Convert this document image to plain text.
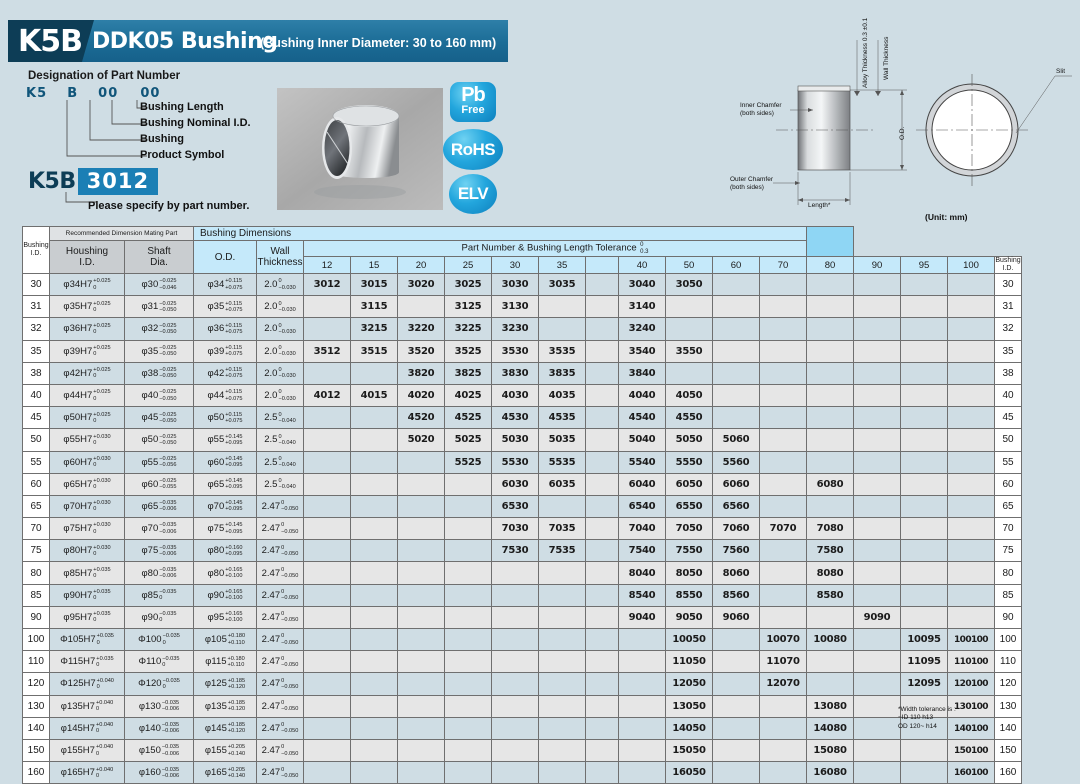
K5B DDK05 Bushing
(Bushing Inner Diameter: 30 to 160 mm)
Designation of Part Number
K5 B 00 00
Bushing Length
Bushing Nominal I.D.
Bushing
Product Symbol
K5B 3012
Please specify by part number.
Pb
Free
RoHS
ELV
Alloy Thickness 0.3 ±0.1 Wall Thickness
O.D.
Inner Chamfer
(both sides)
Outer Chamfer
(both sides)
Length*
Slit
(Unit: mm)
Bushing
I.D.	Recommended Dimension Mating Part		Bushing Dimensions																	

Houshing
I.D.

Shaft
Dia.	O.D.	Wall
Thickness
	Part Number & Bushing Length Tolerance 0
0.3

					12	15	20	25	30	35		40	50	60	70	80	90	95	100	Bushing
I.D.

30	φ34H7 +0.025
0	φ30 −0.025
−0.046	φ34 +0.115
+0.075	2.0 0
−0.030	3012	3015	3020	3025	3030	3035		3040	3050							30
31	φ35H7 +0.025
0	φ31 −0.025
−0.050	φ35 +0.115
+0.075	2.0 0
−0.030		3115		3125	3130			3140								31
32	φ36H7 +0.025
0	φ32 −0.025
−0.050	φ36 +0.115
+0.075	2.0 0
−0.030		3215	3220	3225	3230			3240								32
35	φ39H7 +0.025
0	φ35 −0.025
−0.050	φ39 +0.115
+0.075	2.0 0
−0.030	3512	3515	3520	3525	3530	3535		3540	3550							35
38	φ42H7 +0.025
0	φ38 −0.025
−0.050	φ42 +0.115
+0.075	2.0 0
−0.030			3820	3825	3830	3835		3840								38
40	φ44H7 +0.025
0	φ40 −0.025
−0.050	φ44 +0.115
+0.075	2.0 0
−0.030	4012	4015	4020	4025	4030	4035		4040	4050							40
45	φ50H7 +0.025
0	φ45 −0.025
−0.050	φ50 +0.115
+0.075	2.5 0
−0.040			4520	4525	4530	4535		4540	4550							45
50	φ55H7 +0.030
0	φ50 −0.025
−0.050	φ55 +0.145
+0.095	2.5 0
−0.040			5020	5025	5030	5035		5040	5050	5060						50
55	φ60H7 +0.030
0	φ55 −0.025
−0.056	φ60 +0.145
+0.095	2.5 0
−0.040				5525	5530	5535		5540	5550	5560						55
60	φ65H7 +0.030
0	φ60 −0.025
−0.055	φ65 +0.145
+0.095	2.5 0
−0.040					6030	6035		6040	6050	6060		6080				60
65	φ70H7 +0.030
0	φ65 −0.035
−0.006	φ70 +0.145
+0.095	2.47 0
−0.050					6530			6540	6550	6560						65
70	φ75H7 +0.030
0	φ70 −0.035
−0.006	φ75 +0.145
+0.095	2.47 0
−0.050					7030	7035		7040	7050	7060	7070	7080				70
75	φ80H7 +0.030
0	φ75 −0.035
−0.006	φ80 +0.160
+0.095	2.47 0
−0.050					7530	7535		7540	7550	7560		7580				75
80	φ85H7 +0.035
0	φ80 −0.035
−0.006	φ80 +0.165
+0.100	2.47 0
−0.050								8040	8050	8060		8080				80
85	φ90H7 +0.035
0	φ85 −0.035
0	φ90 +0.165
+0.100	2.47 0
−0.050								8540	8550	8560		8580				85
90	φ95H7 +0.035
0	φ90 −0.035
0	φ95 +0.165
+0.100	2.47 0
−0.050								9040	9050	9060			9090			90
100	Φ105H7 +0.035
0	Φ100 −0.035
0	φ105 +0.180
+0.110	2.47 0
−0.050									10050		10070	10080		10095	100100	100
110	Φ115H7 +0.035
0	Φ110 −0.035
0	φ115 +0.180
+0.110	2.47 0
−0.050									11050		11070			11095	110100	110
120	Φ125H7 +0.040
0	Φ120 −0.035
0	φ125 +0.185
+0.120	2.47 0
−0.050									12050		12070			12095	120100	120
130	φ135H7 +0.040
0	φ130 −0.035
−0.006	φ135 +0.185
+0.120	2.47 0
−0.050									13050			13080			130100	130
140	φ145H7 +0.040
0	φ140 −0.035
−0.006	φ145 +0.185
+0.120	2.47 0
−0.050									14050			14080			140100	140
150	φ155H7 +0.040
0	φ150 −0.035
−0.006	φ155 +0.205
+0.140	2.47 0
−0.050									15050			15080			150100	150
160	φ165H7 +0.040
0	φ160 −0.035
−0.006	φ165 +0.205
+0.140	2.47 0
−0.050									16050			16080			160100	160
*Width tolerance is :
~ID 110 h13
OD 120~ h14
